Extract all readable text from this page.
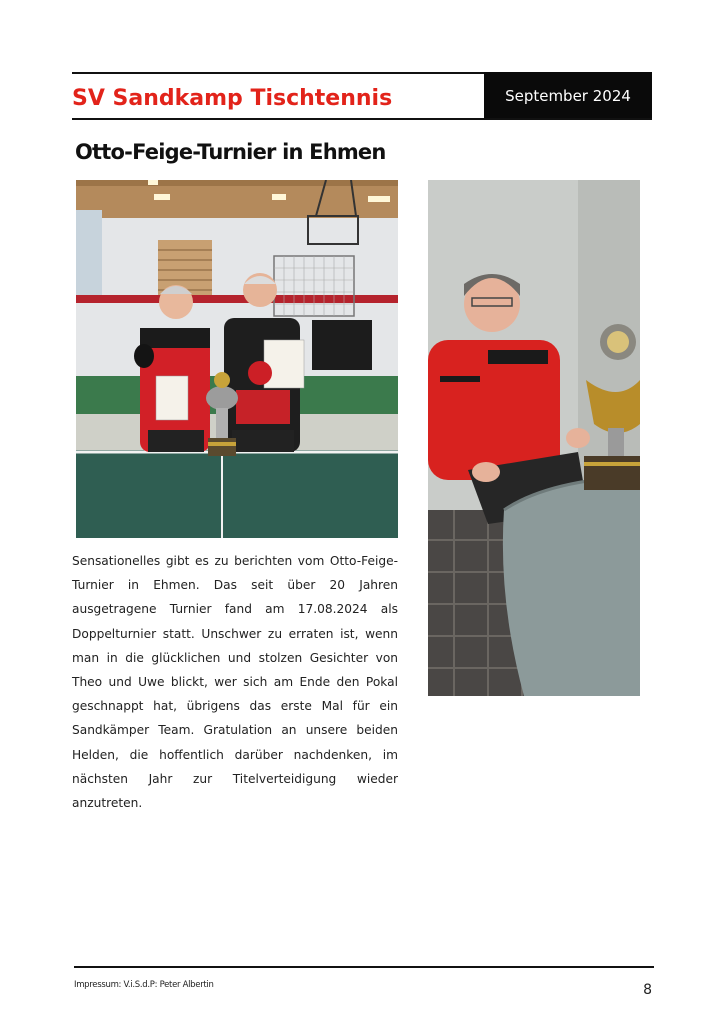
SV Sandkamp Tischtennis	September 2024
Otto-Feige-Turnier in Ehmen
Sensationelles gibt es zu berichten vom Otto-Feige-Turnier in Ehmen. Das seit über 20 Jahren ausgetragene Turnier fand am 17.08.2024 als Doppelturnier statt. Unschwer zu erraten ist, wenn man in die glücklichen und stolzen Gesichter von Theo und Uwe blickt, wer sich am Ende den Pokal geschnappt hat, übrigens das erste Mal für ein Sandkämper Team. Gratulation an unsere beiden Helden, die hoffentlich darüber nachdenken, im nächsten Jahr zur Titelverteidigung wieder anzutreten.
Impressum: V.i.S.d.P: Peter Albertin	8
